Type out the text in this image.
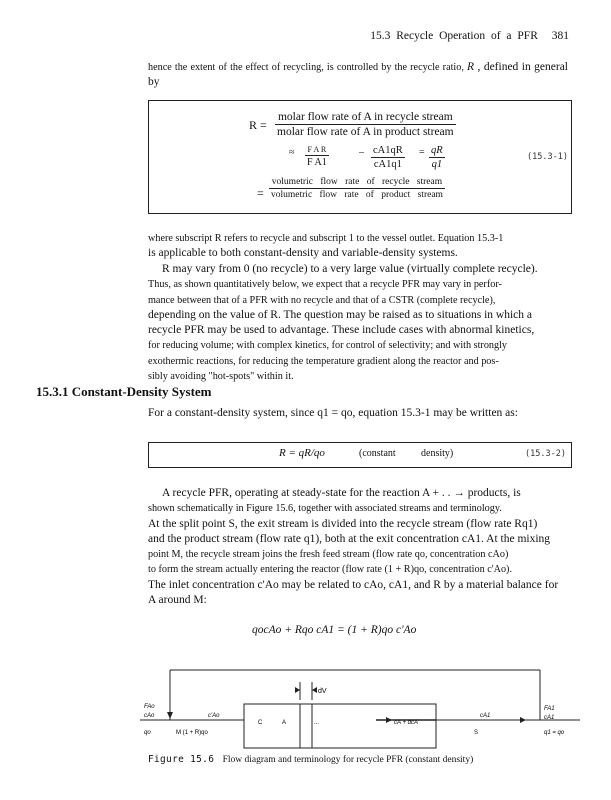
15.3 Recycle Operation of a PFR 381

hence the extent of the effect of recycling, is controlled by the recycle ratio, R , defined in general by

R =
molar flow rate of A in recycle stream
molar flow rate of A in product stream
≈	F A R
F A1
– $\frac{cA1qR}{cA1q1} = \frac{qR}{q1}$	(15.3-1)
=
volumetric flow rate of recycle stream
volumetric flow rate of product stream

where subscript R refers to recycle and subscript 1 to the vessel outlet. Equation 15.3-1

is applicable to both constant-density and variable-density systems.

R may vary from 0 (no recycle) to a very large value (virtually complete recycle).

Thus, as shown quantitatively below, we expect that a recycle PFR may vary in perfor-

mance between that of a PFR with no recycle and that of a CSTR (complete recycle),

depending on the value of R. The question may be raised as to situations in which a

recycle PFR may be used to advantage. These include cases with abnormal kinetics,

for reducing volume; with complex kinetics, for control of selectivity; and with strongly

exothermic reactions, for reducing the temperature gradient along the reactor and pos-

sibly avoiding "hot-spots" within it.

15.3.1 Constant-Density System

For a constant-density system, since q1 = qo, equation 15.3-1 may be written as:

R = qR/qo	(constant	density)	(15.3-2)

A recycle PFR, operating at steady-state for the reaction A + . . → products, is

shown schematically in Figure 15.6, together with associated streams and terminology.

At the split point S, the exit stream is divided into the recycle stream (flow rate Rq1)

and the product stream (flow rate q1), both at the exit concentration cA1. At the mixing

point M, the recycle stream joins the fresh feed stream (flow rate qo, concentration cAo)

to form the stream actually entering the reactor (flow rate (1 + R)qo, concentration c'Ao).

The inlet concentration c'Ao may be related to cAo, cA1, and R by a material balance for

A around M:

qocAo + Rqo cA1 = (1 + R)qo c'Ao
dV
FAo
cAo
qo
c'Ao
M (1 + R)qo
C	A	...	cA + dcA
cA1
S
FA1
cA1
q1 = qo
Figure 15.6 Flow diagram and terminology for recycle PFR (constant density)
